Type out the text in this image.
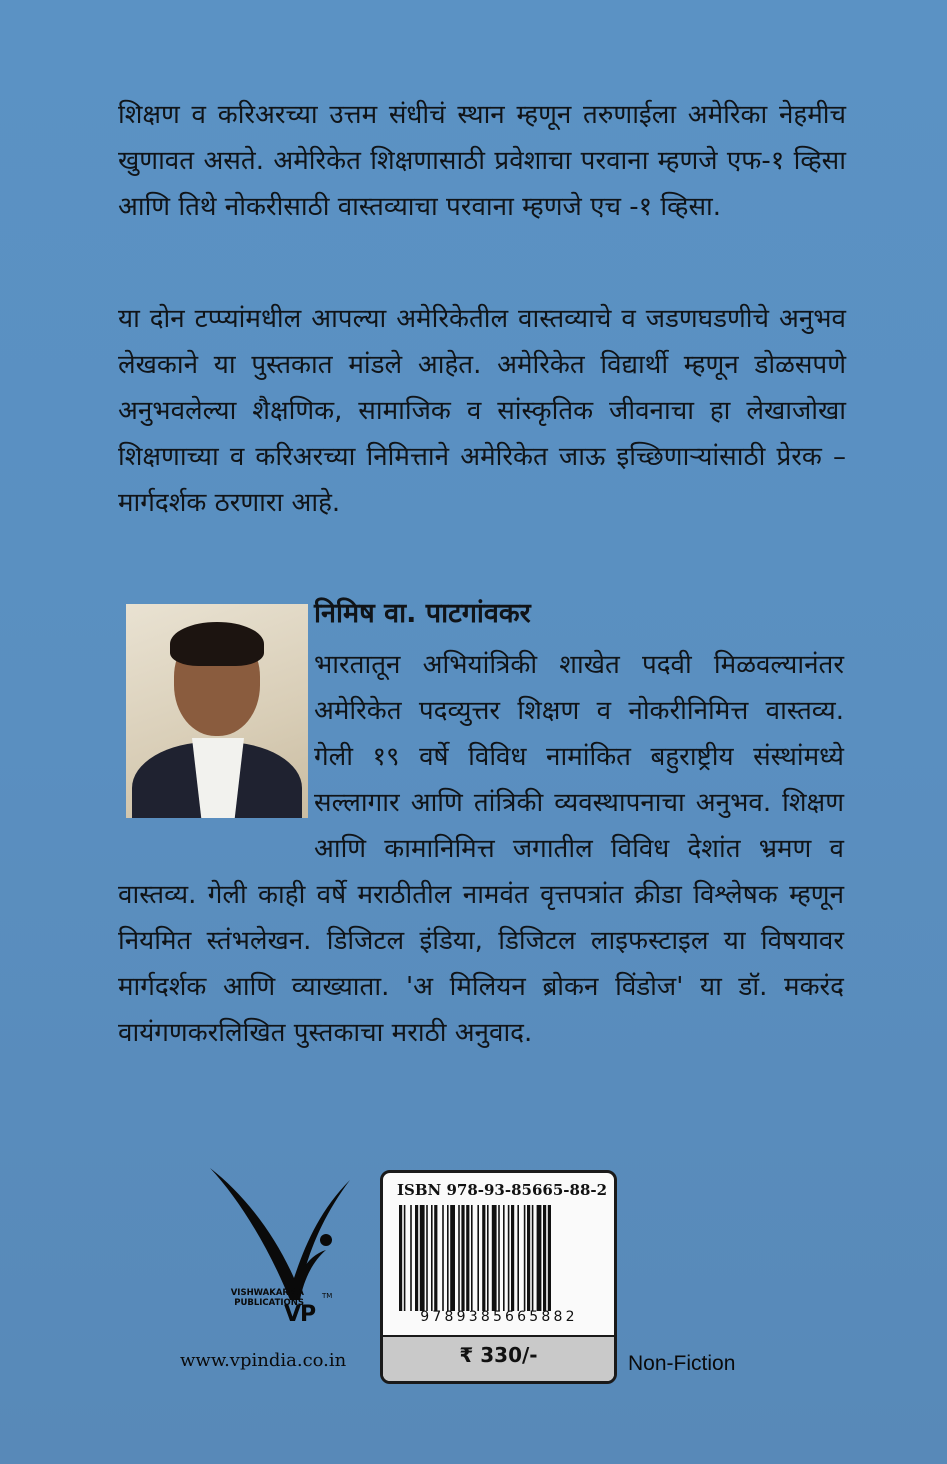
शिक्षण व करिअरच्या उत्तम संधीचं स्थान म्हणून तरुणाईला अमेरिका नेहमीच खुणावत असते. अमेरिकेत शिक्षणासाठी प्रवेशाचा परवाना म्हणजे एफ-१ व्हिसा आणि तिथे नोकरीसाठी वास्तव्याचा परवाना म्हणजे एच -१ व्हिसा.

या दोन टप्प्यांमधील आपल्या अमेरिकेतील वास्तव्याचे व जडणघडणीचे अनुभव लेखकाने या पुस्तकात मांडले आहेत. अमेरिकेत विद्यार्थी म्हणून डोळसपणे अनुभवलेल्या शैक्षणिक, सामाजिक व सांस्कृतिक जीवनाचा हा लेखाजोखा शिक्षणाच्या व करिअरच्या निमित्ताने अमेरिकेत जाऊ इच्छिणाऱ्यांसाठी प्रेरक – मार्गदर्शक ठरणारा आहे.

निमिष वा. पाटगांवकर
भारतातून अभियांत्रिकी शाखेत पदवी मिळवल्यानंतर अमेरिकेत पदव्युत्तर शिक्षण व नोकरीनिमित्त वास्तव्य. गेली १९ वर्षे विविध नामांकित बहुराष्ट्रीय संस्थांमध्ये सल्लागार आणि तांत्रिकी व्यवस्थापनाचा अनुभव. शिक्षण आणि कामानिमित्त जगातील विविध देशांत भ्रमण व वास्तव्य. गेली काही वर्षे मराठीतील नामवंत वृत्तपत्रांत क्रीडा विश्लेषक म्हणून नियमित स्तंभलेखन. डिजिटल इंडिया, डिजिटल लाइफस्टाइल या विषयावर मार्गदर्शक आणि व्याख्याता. 'अ मिलियन ब्रोकन विंडोज' या डॉ. मकरंद वायंगणकरलिखित पुस्तकाचा मराठी अनुवाद.
VISHWAKARMA PUBLICATIONS
VP
TM
www.vpindia.co.in
ISBN 978-93-85665-88-2
9789385665882
₹ 330/-	Non-Fiction
